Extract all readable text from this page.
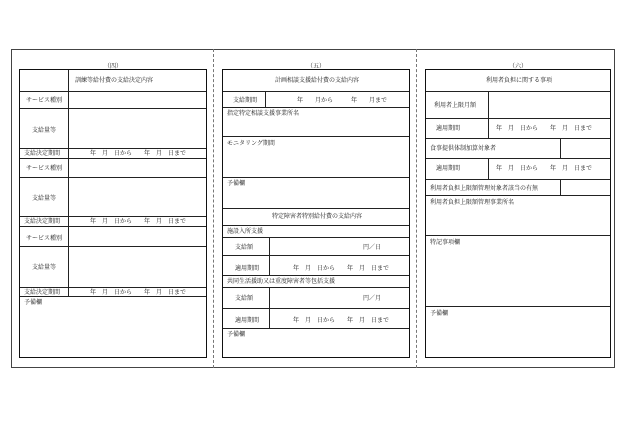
（四）
訓練等給付費の支給決定内容
サービス種別
支給量等
支給決定期間	年　月　日から　　年　月　日まで
サービス種別
支給量等
支給決定期間	年　月　日から　　年　月　日まで
サービス種別
支給量等
支給決定期間	年　月　日から　　年　月　日まで
予備欄
（五）
計画相談支援給付費の支給内容
支給期間	年　　月から　　　年　　月まで
指定特定相談支援事業所名
モニタリング期間
予備欄
特定障害者特別給付費の支給内容
施設入所支援
支給額	円／日
適用期間	年　月　日から　　年　月　日まで
共同生活援助又は重度障害者等包括支援
支給額	円／月
適用期間	年　月　日から　　年　月　日まで
予備欄
（六）
利用者負担に関する事項
利用者上限月額
適用期間	年　月　日から　　年　月　日まで
食事提供体制加算対象者
適用期間	年　月　日から　　年　月　日まで
利用者負担上限額管理対象者該当の有無
利用者負担上限額管理事業所名
特記事項欄
予備欄
